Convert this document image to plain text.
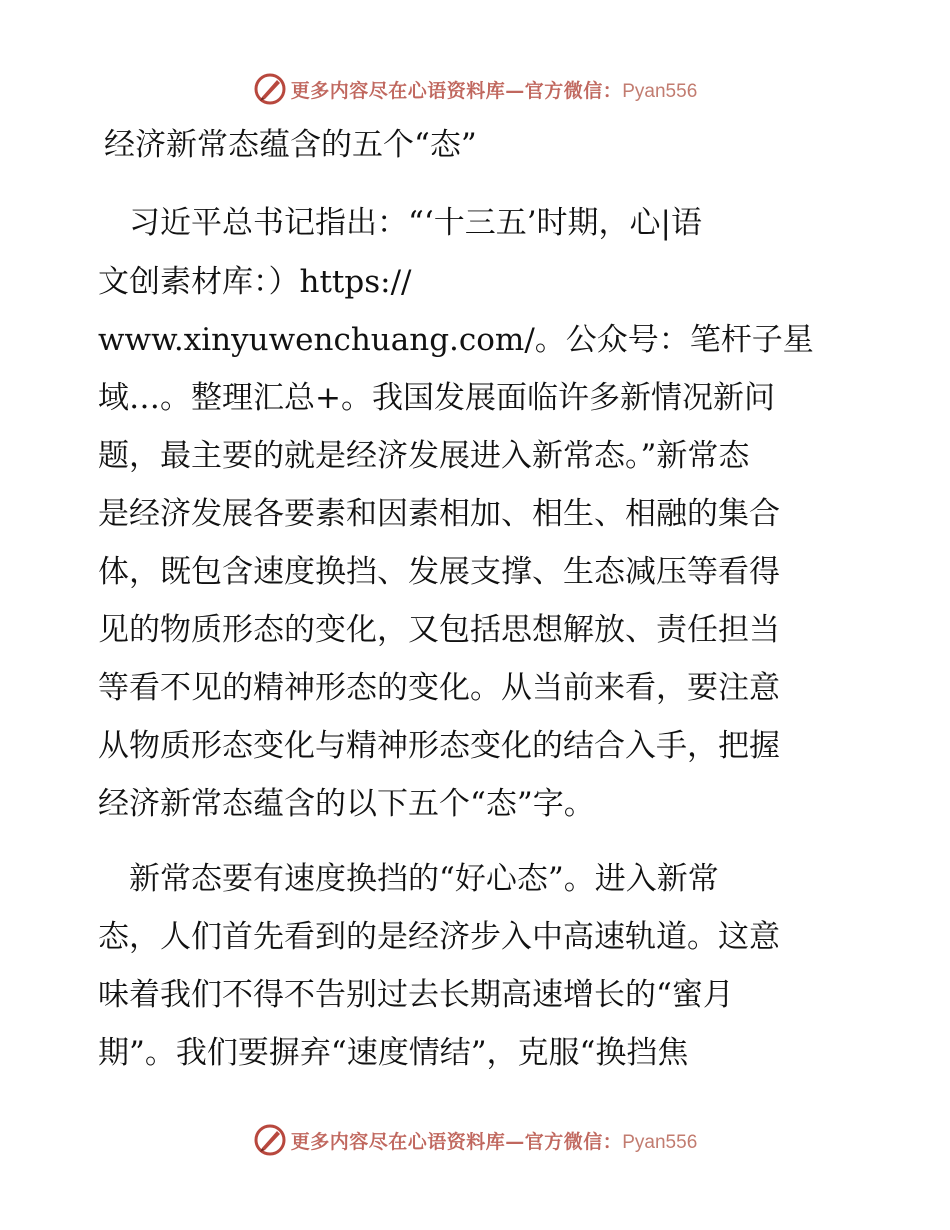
更多内容尽在心语资料库—官方微信：Pyan556
经济新常态蕴含的五个“态”
　习近平总书记指出：“‘十三五’时期，心|语
文创素材库：）https://
www.xinyuwenchuang.com/。公众号：笔杆子星
域…。整理汇总+。我国发展面临许多新情况新问
题，最主要的就是经济发展进入新常态。”新常态
是经济发展各要素和因素相加、相生、相融的集合
体，既包含速度换挡、发展支撑、生态减压等看得
见的物质形态的变化，又包括思想解放、责任担当
等看不见的精神形态的变化。从当前来看，要注意
从物质形态变化与精神形态变化的结合入手，把握
经济新常态蕴含的以下五个“态”字。
　新常态要有速度换挡的“好心态”。进入新常
态，人们首先看到的是经济步入中高速轨道。这意
味着我们不得不告别过去长期高速增长的“蜜月
期”。我们要摒弃“速度情结”，克服“换挡焦
更多内容尽在心语资料库—官方微信：Pyan556
